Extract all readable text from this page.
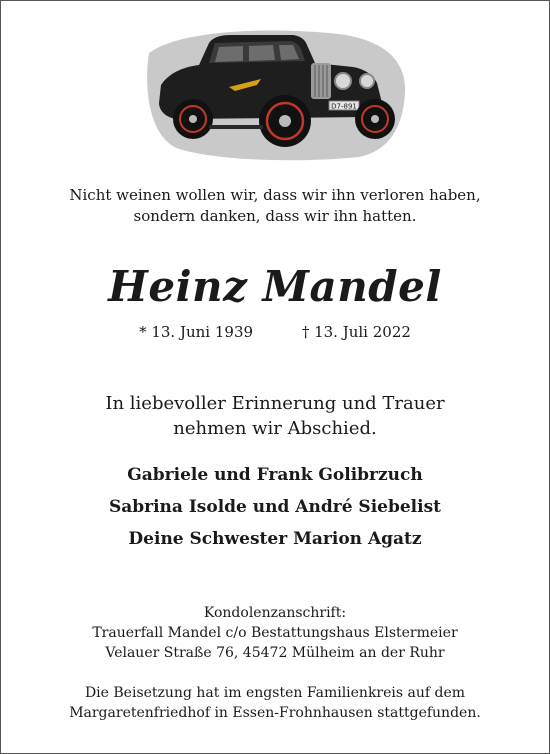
D7-891
Nicht weinen wollen wir, dass wir ihn verloren haben,
sondern danken, dass wir ihn hatten.
Heinz Mandel
* 13. Juni 1939	† 13. Juli 2022
In liebevoller Erinnerung und Trauer
nehmen wir Abschied.
Gabriele und Frank Golibrzuch
Sabrina Isolde und André Siebelist
Deine Schwester Marion Agatz
Kondolenzanschrift:
Trauerfall Mandel c/o Bestattungshaus Elstermeier
Velauer Straße 76, 45472 Mülheim an der Ruhr
Die Beisetzung hat im engsten Familienkreis auf dem
Margaretenfriedhof in Essen-Frohnhausen stattgefunden.
